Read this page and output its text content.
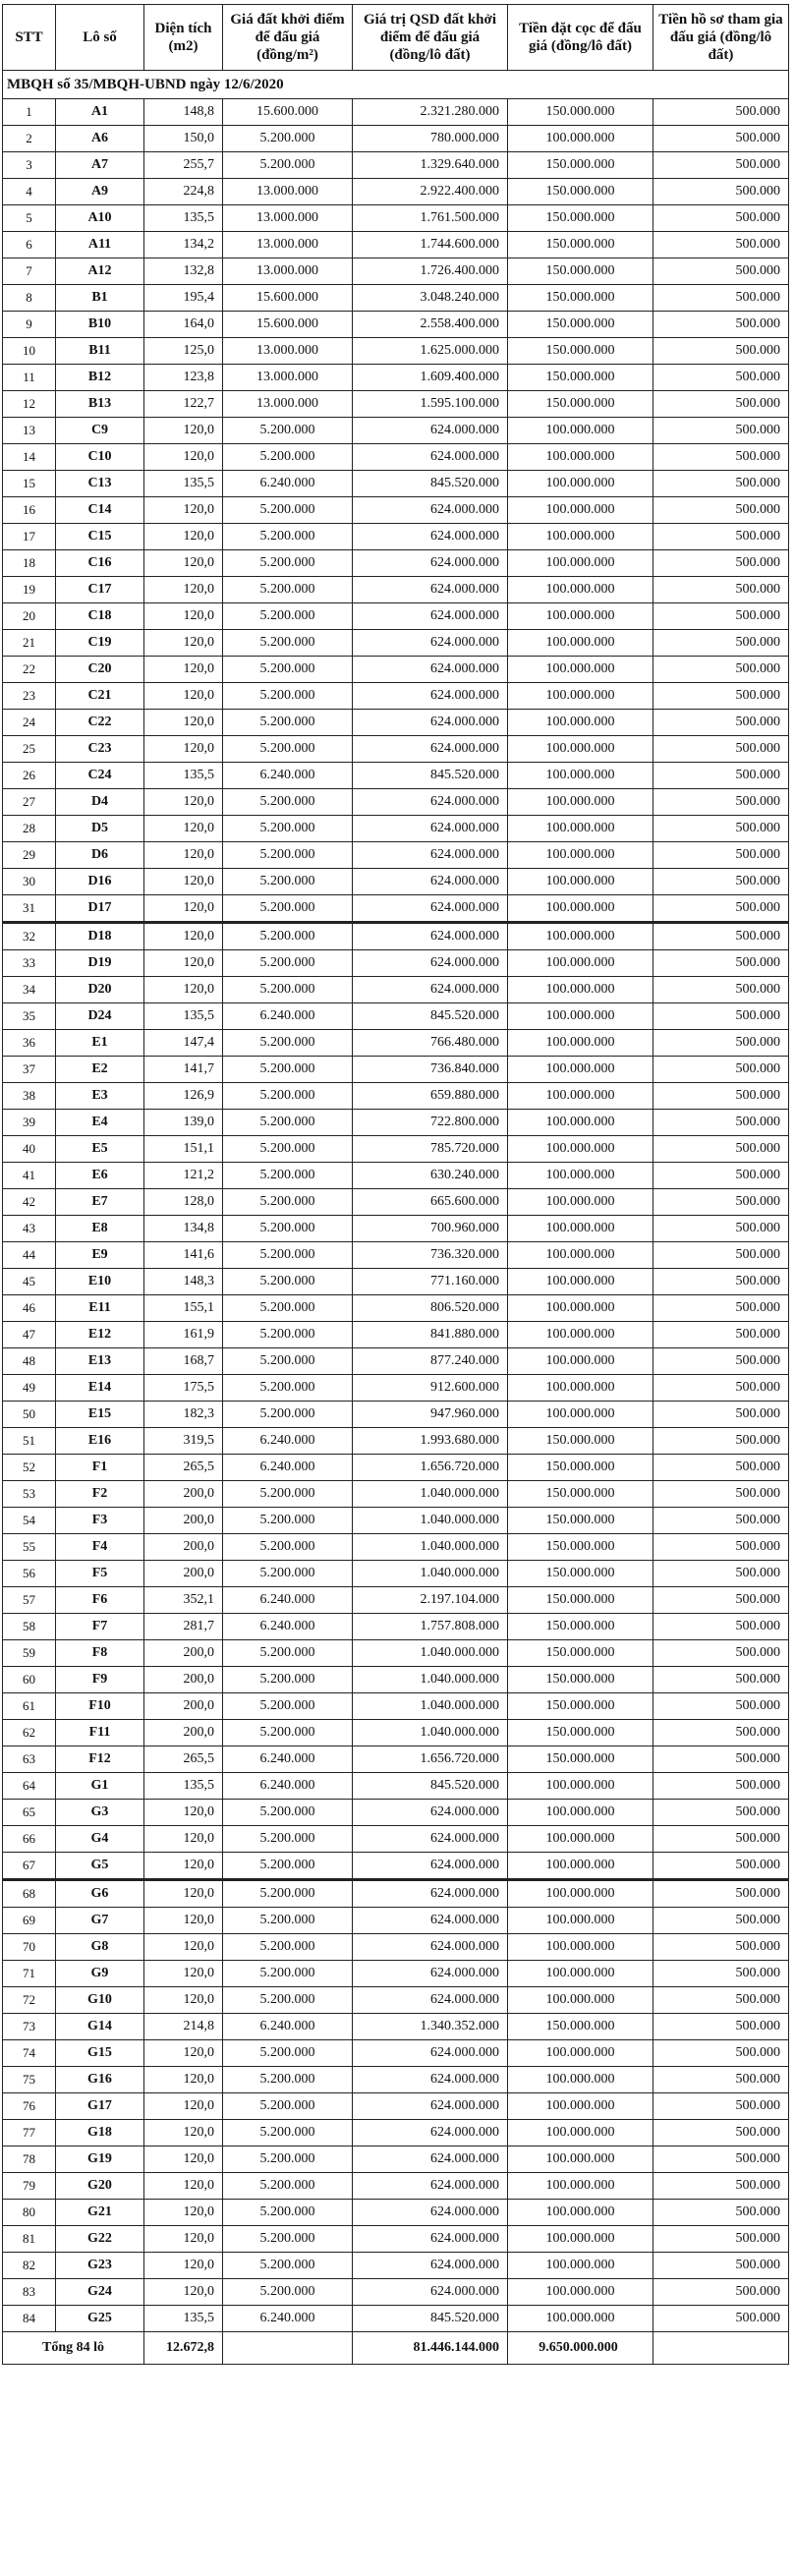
STT	Lô số	Diện tích (m2)	Giá đất khởi điểm để đấu giá (đồng/m²)	Giá trị QSD đất khởi điểm để đấu giá (đồng/lô đất)	Tiền đặt cọc để đấu giá (đồng/lô đất)	Tiền hồ sơ tham gia đấu giá (đồng/lô đất)
MBQH số 35/MBQH-UBND ngày 12/6/2020						
1	A1	148,8	15.600.000	2.321.280.000	150.000.000	500.000
2	A6	150,0	5.200.000	780.000.000	100.000.000	500.000
3	A7	255,7	5.200.000	1.329.640.000	150.000.000	500.000
4	A9	224,8	13.000.000	2.922.400.000	150.000.000	500.000
5	A10	135,5	13.000.000	1.761.500.000	150.000.000	500.000
6	A11	134,2	13.000.000	1.744.600.000	150.000.000	500.000
7	A12	132,8	13.000.000	1.726.400.000	150.000.000	500.000
8	B1	195,4	15.600.000	3.048.240.000	150.000.000	500.000
9	B10	164,0	15.600.000	2.558.400.000	150.000.000	500.000
10	B11	125,0	13.000.000	1.625.000.000	150.000.000	500.000
11	B12	123,8	13.000.000	1.609.400.000	150.000.000	500.000
12	B13	122,7	13.000.000	1.595.100.000	150.000.000	500.000
13	C9	120,0	5.200.000	624.000.000	100.000.000	500.000
14	C10	120,0	5.200.000	624.000.000	100.000.000	500.000
15	C13	135,5	6.240.000	845.520.000	100.000.000	500.000
16	C14	120,0	5.200.000	624.000.000	100.000.000	500.000
17	C15	120,0	5.200.000	624.000.000	100.000.000	500.000
18	C16	120,0	5.200.000	624.000.000	100.000.000	500.000
19	C17	120,0	5.200.000	624.000.000	100.000.000	500.000
20	C18	120,0	5.200.000	624.000.000	100.000.000	500.000
21	C19	120,0	5.200.000	624.000.000	100.000.000	500.000
22	C20	120,0	5.200.000	624.000.000	100.000.000	500.000
23	C21	120,0	5.200.000	624.000.000	100.000.000	500.000
24	C22	120,0	5.200.000	624.000.000	100.000.000	500.000
25	C23	120,0	5.200.000	624.000.000	100.000.000	500.000
26	C24	135,5	6.240.000	845.520.000	100.000.000	500.000
27	D4	120,0	5.200.000	624.000.000	100.000.000	500.000
28	D5	120,0	5.200.000	624.000.000	100.000.000	500.000
29	D6	120,0	5.200.000	624.000.000	100.000.000	500.000
30	D16	120,0	5.200.000	624.000.000	100.000.000	500.000
31	D17	120,0	5.200.000	624.000.000	100.000.000	500.000
32	D18	120,0	5.200.000	624.000.000	100.000.000	500.000
33	D19	120,0	5.200.000	624.000.000	100.000.000	500.000
34	D20	120,0	5.200.000	624.000.000	100.000.000	500.000
35	D24	135,5	6.240.000	845.520.000	100.000.000	500.000
36	E1	147,4	5.200.000	766.480.000	100.000.000	500.000
37	E2	141,7	5.200.000	736.840.000	100.000.000	500.000
38	E3	126,9	5.200.000	659.880.000	100.000.000	500.000
39	E4	139,0	5.200.000	722.800.000	100.000.000	500.000
40	E5	151,1	5.200.000	785.720.000	100.000.000	500.000
41	E6	121,2	5.200.000	630.240.000	100.000.000	500.000
42	E7	128,0	5.200.000	665.600.000	100.000.000	500.000
43	E8	134,8	5.200.000	700.960.000	100.000.000	500.000
44	E9	141,6	5.200.000	736.320.000	100.000.000	500.000
45	E10	148,3	5.200.000	771.160.000	100.000.000	500.000
46	E11	155,1	5.200.000	806.520.000	100.000.000	500.000
47	E12	161,9	5.200.000	841.880.000	100.000.000	500.000
48	E13	168,7	5.200.000	877.240.000	100.000.000	500.000
49	E14	175,5	5.200.000	912.600.000	100.000.000	500.000
50	E15	182,3	5.200.000	947.960.000	100.000.000	500.000
51	E16	319,5	6.240.000	1.993.680.000	150.000.000	500.000
52	F1	265,5	6.240.000	1.656.720.000	150.000.000	500.000
53	F2	200,0	5.200.000	1.040.000.000	150.000.000	500.000
54	F3	200,0	5.200.000	1.040.000.000	150.000.000	500.000
55	F4	200,0	5.200.000	1.040.000.000	150.000.000	500.000
56	F5	200,0	5.200.000	1.040.000.000	150.000.000	500.000
57	F6	352,1	6.240.000	2.197.104.000	150.000.000	500.000
58	F7	281,7	6.240.000	1.757.808.000	150.000.000	500.000
59	F8	200,0	5.200.000	1.040.000.000	150.000.000	500.000
60	F9	200,0	5.200.000	1.040.000.000	150.000.000	500.000
61	F10	200,0	5.200.000	1.040.000.000	150.000.000	500.000
62	F11	200,0	5.200.000	1.040.000.000	150.000.000	500.000
63	F12	265,5	6.240.000	1.656.720.000	150.000.000	500.000
64	G1	135,5	6.240.000	845.520.000	100.000.000	500.000
65	G3	120,0	5.200.000	624.000.000	100.000.000	500.000
66	G4	120,0	5.200.000	624.000.000	100.000.000	500.000
67	G5	120,0	5.200.000	624.000.000	100.000.000	500.000
68	G6	120,0	5.200.000	624.000.000	100.000.000	500.000
69	G7	120,0	5.200.000	624.000.000	100.000.000	500.000
70	G8	120,0	5.200.000	624.000.000	100.000.000	500.000
71	G9	120,0	5.200.000	624.000.000	100.000.000	500.000
72	G10	120,0	5.200.000	624.000.000	100.000.000	500.000
73	G14	214,8	6.240.000	1.340.352.000	150.000.000	500.000
74	G15	120,0	5.200.000	624.000.000	100.000.000	500.000
75	G16	120,0	5.200.000	624.000.000	100.000.000	500.000
76	G17	120,0	5.200.000	624.000.000	100.000.000	500.000
77	G18	120,0	5.200.000	624.000.000	100.000.000	500.000
78	G19	120,0	5.200.000	624.000.000	100.000.000	500.000
79	G20	120,0	5.200.000	624.000.000	100.000.000	500.000
80	G21	120,0	5.200.000	624.000.000	100.000.000	500.000
81	G22	120,0	5.200.000	624.000.000	100.000.000	500.000
82	G23	120,0	5.200.000	624.000.000	100.000.000	500.000
83	G24	120,0	5.200.000	624.000.000	100.000.000	500.000
84	G25	135,5	6.240.000	845.520.000	100.000.000	500.000
Tổng 84 lô		12.672,8		81.446.144.000	9.650.000.000	
